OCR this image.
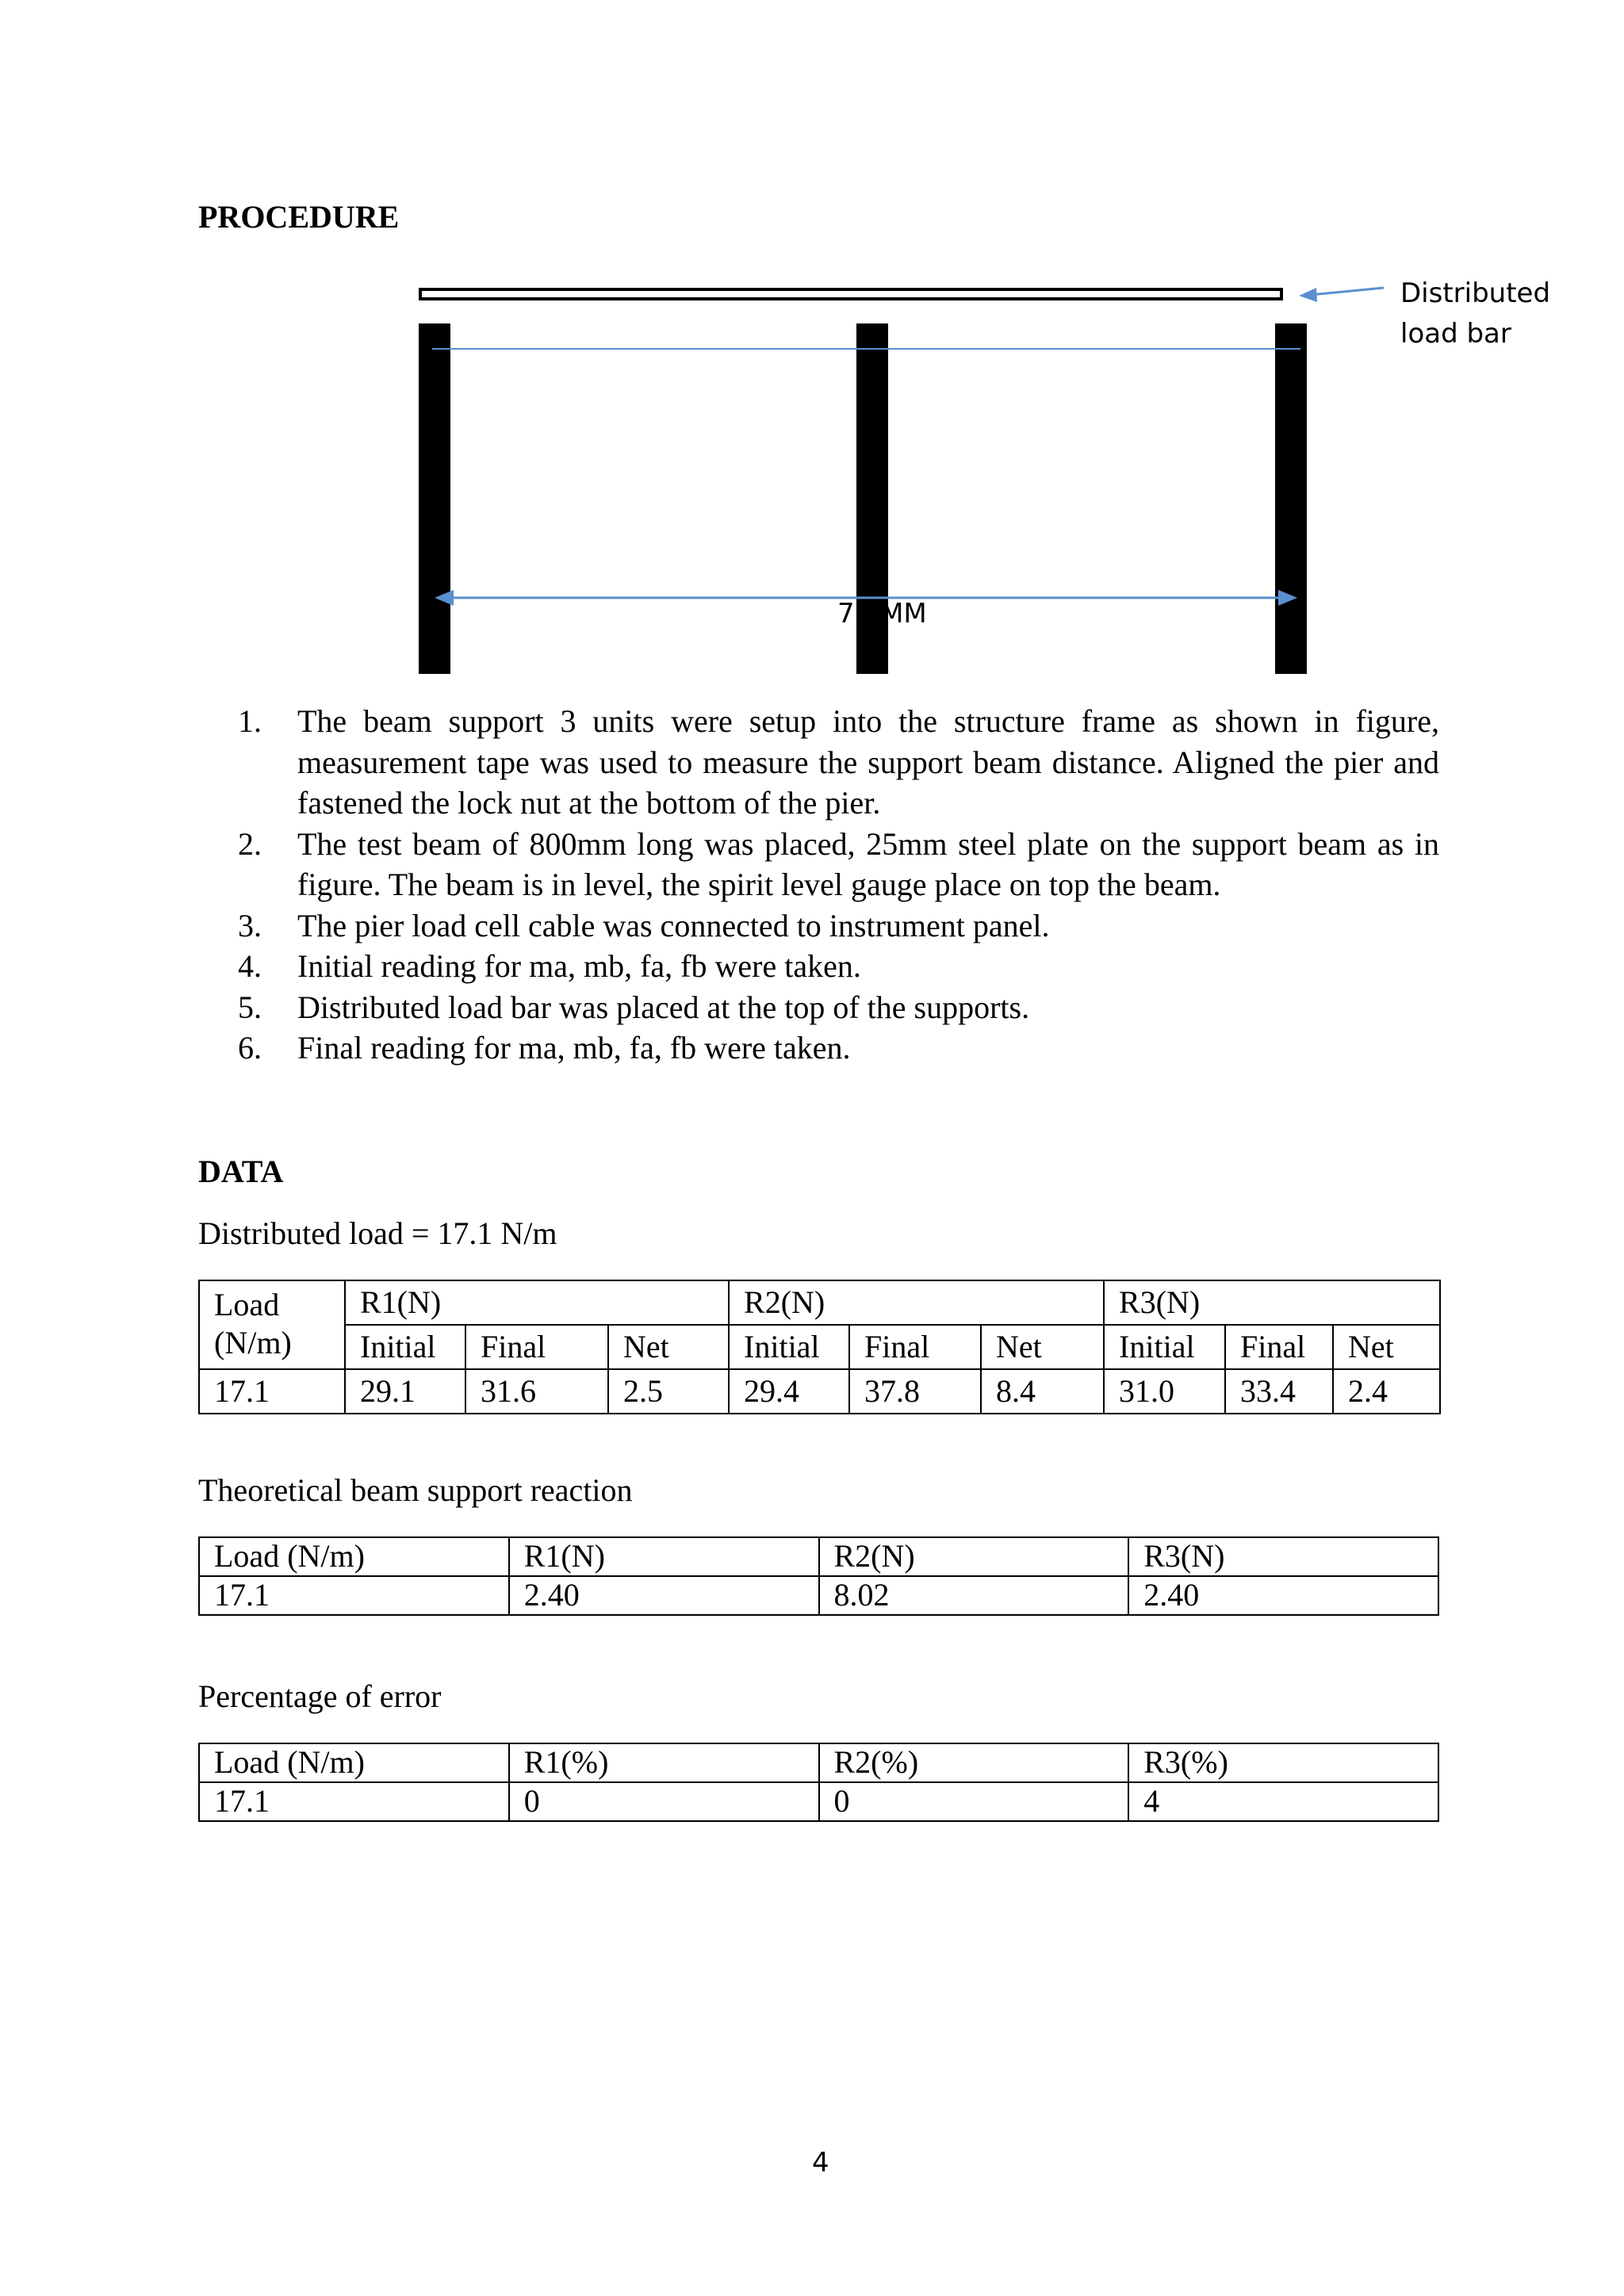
PROCEDURE
Distributed
load bar
75 MM
1. The beam support 3 units were setup into the structure frame as shown in figure, measurement tape was used to measure the support beam distance. Aligned the pier and fastened the lock nut at the bottom of the pier.
2. The test beam of 800mm long was placed, 25mm steel plate on the support beam as in figure. The beam is in level, the spirit level gauge place on top the beam.
3. The pier load cell cable was connected to instrument panel.
4. Initial reading for ma, mb, fa, fb were taken.
5. Distributed load bar was placed at the top of the supports.
6. Final reading for ma, mb, fa, fb were taken.
DATA
Distributed load = 17.1 N/m
Load (N/m)	R1(N)			R2(N)			R3(N)		
	Initial	Final	Net	Initial	Final	Net	Initial	Final	Net
17.1	29.1	31.6	2.5	29.4	37.8	8.4	31.0	33.4	2.4
Theoretical beam support reaction
Load (N/m)	R1(N)	R2(N)	R3(N)
17.1	2.40	8.02	2.40
Percentage of error
Load (N/m)	R1(%)	R2(%)	R3(%)
17.1	0	0	4
4
